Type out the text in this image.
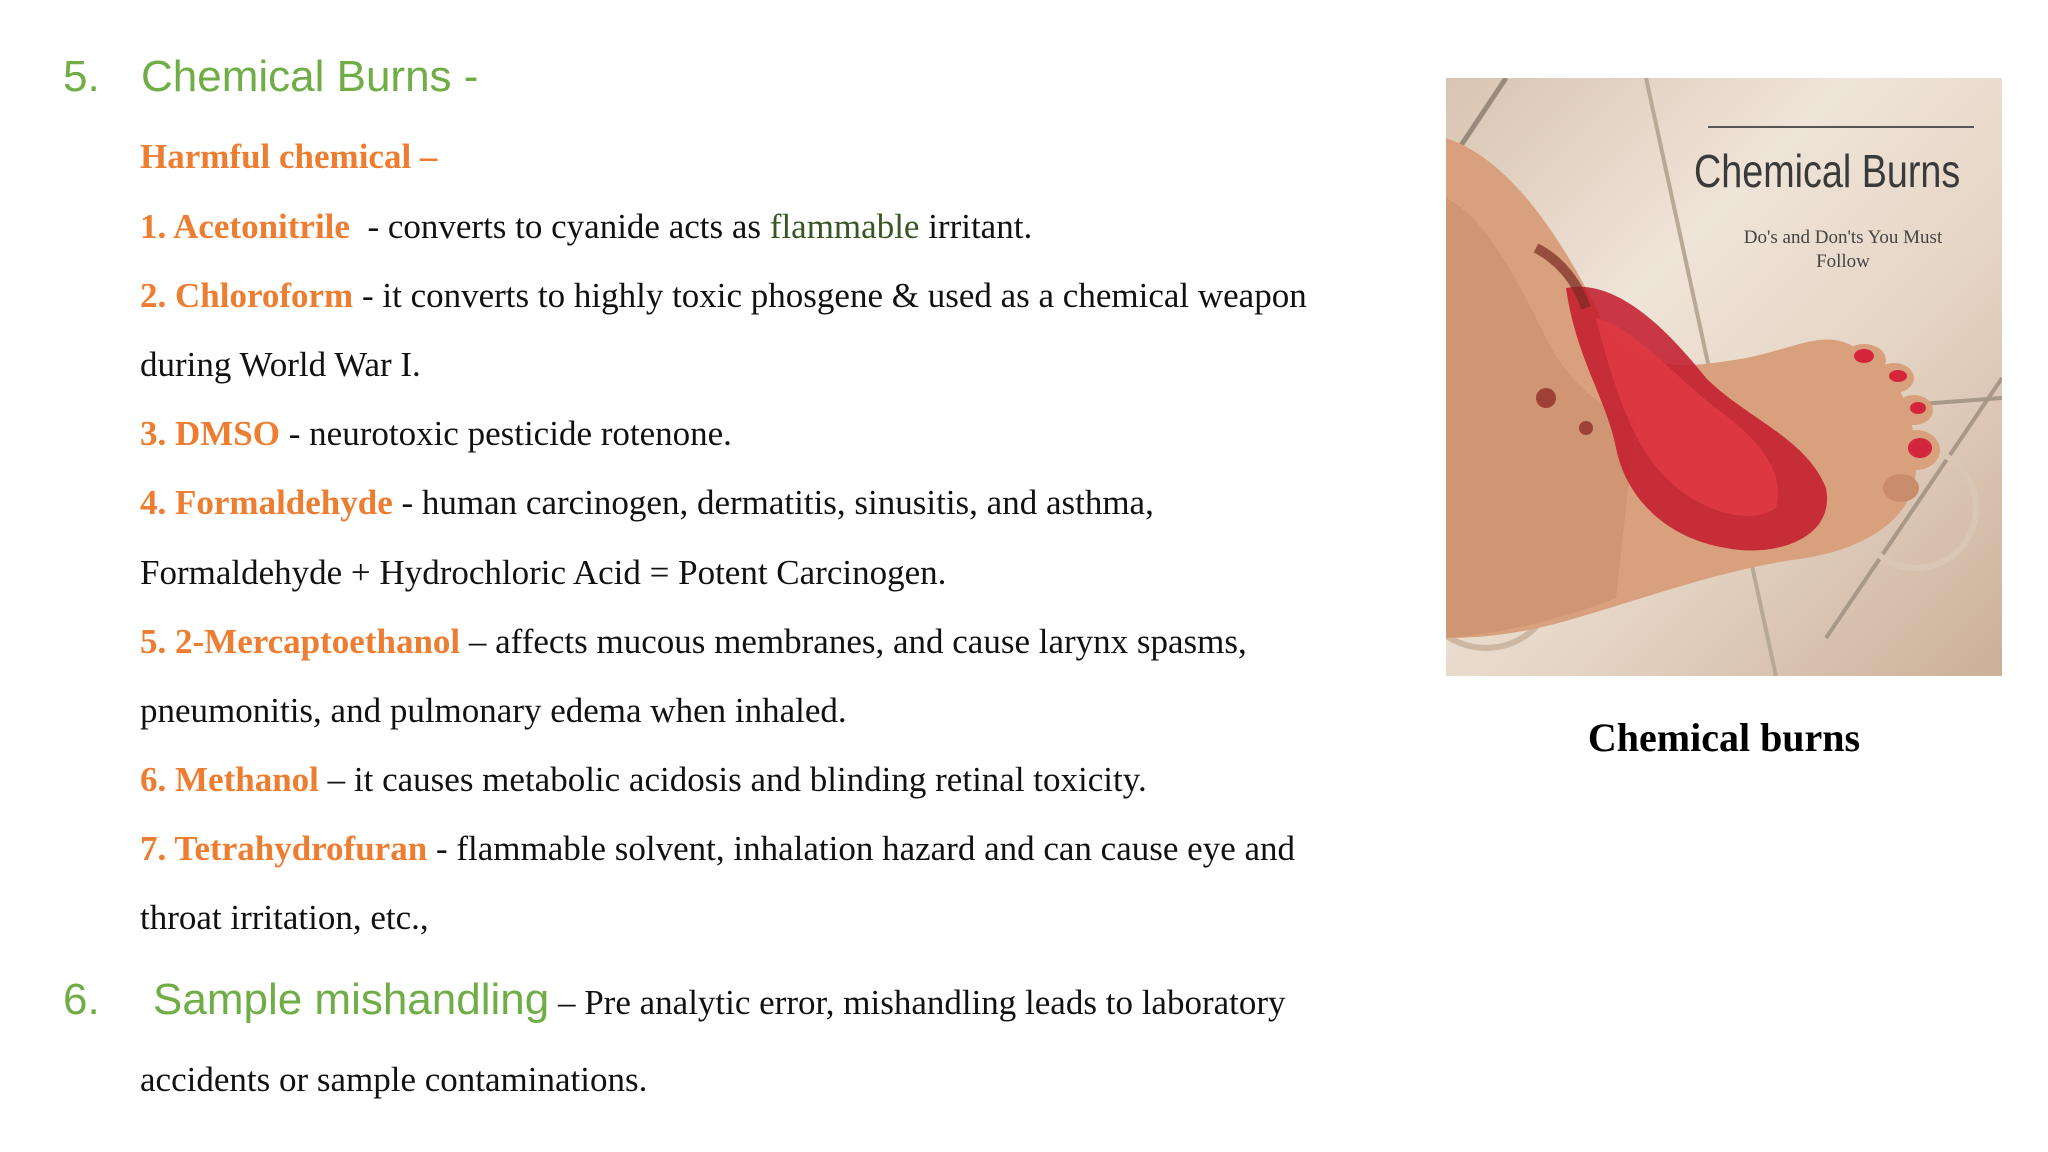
5. Chemical Burns -
Harmful chemical –
1. Acetonitrile  - converts to cyanide acts as flammable irritant.
2. Chloroform - it converts to highly toxic phosgene & used as a chemical weapon
during World War I.
3. DMSO - neurotoxic pesticide rotenone.
4. Formaldehyde - human carcinogen, dermatitis, sinusitis, and asthma,
Formaldehyde + Hydrochloric Acid = Potent Carcinogen.
5. 2-Mercaptoethanol – affects mucous membranes, and cause larynx spasms,
pneumonitis, and pulmonary edema when inhaled.
6. Methanol – it causes metabolic acidosis and blinding retinal toxicity.
7. Tetrahydrofuran - flammable solvent, inhalation hazard and can cause eye and
throat irritation, etc.,
6. Sample mishandling – Pre analytic error, mishandling leads to laboratory
accidents or sample contaminations.
Chemical Burns
Do's and Don'ts You Must Follow
Chemical burns
